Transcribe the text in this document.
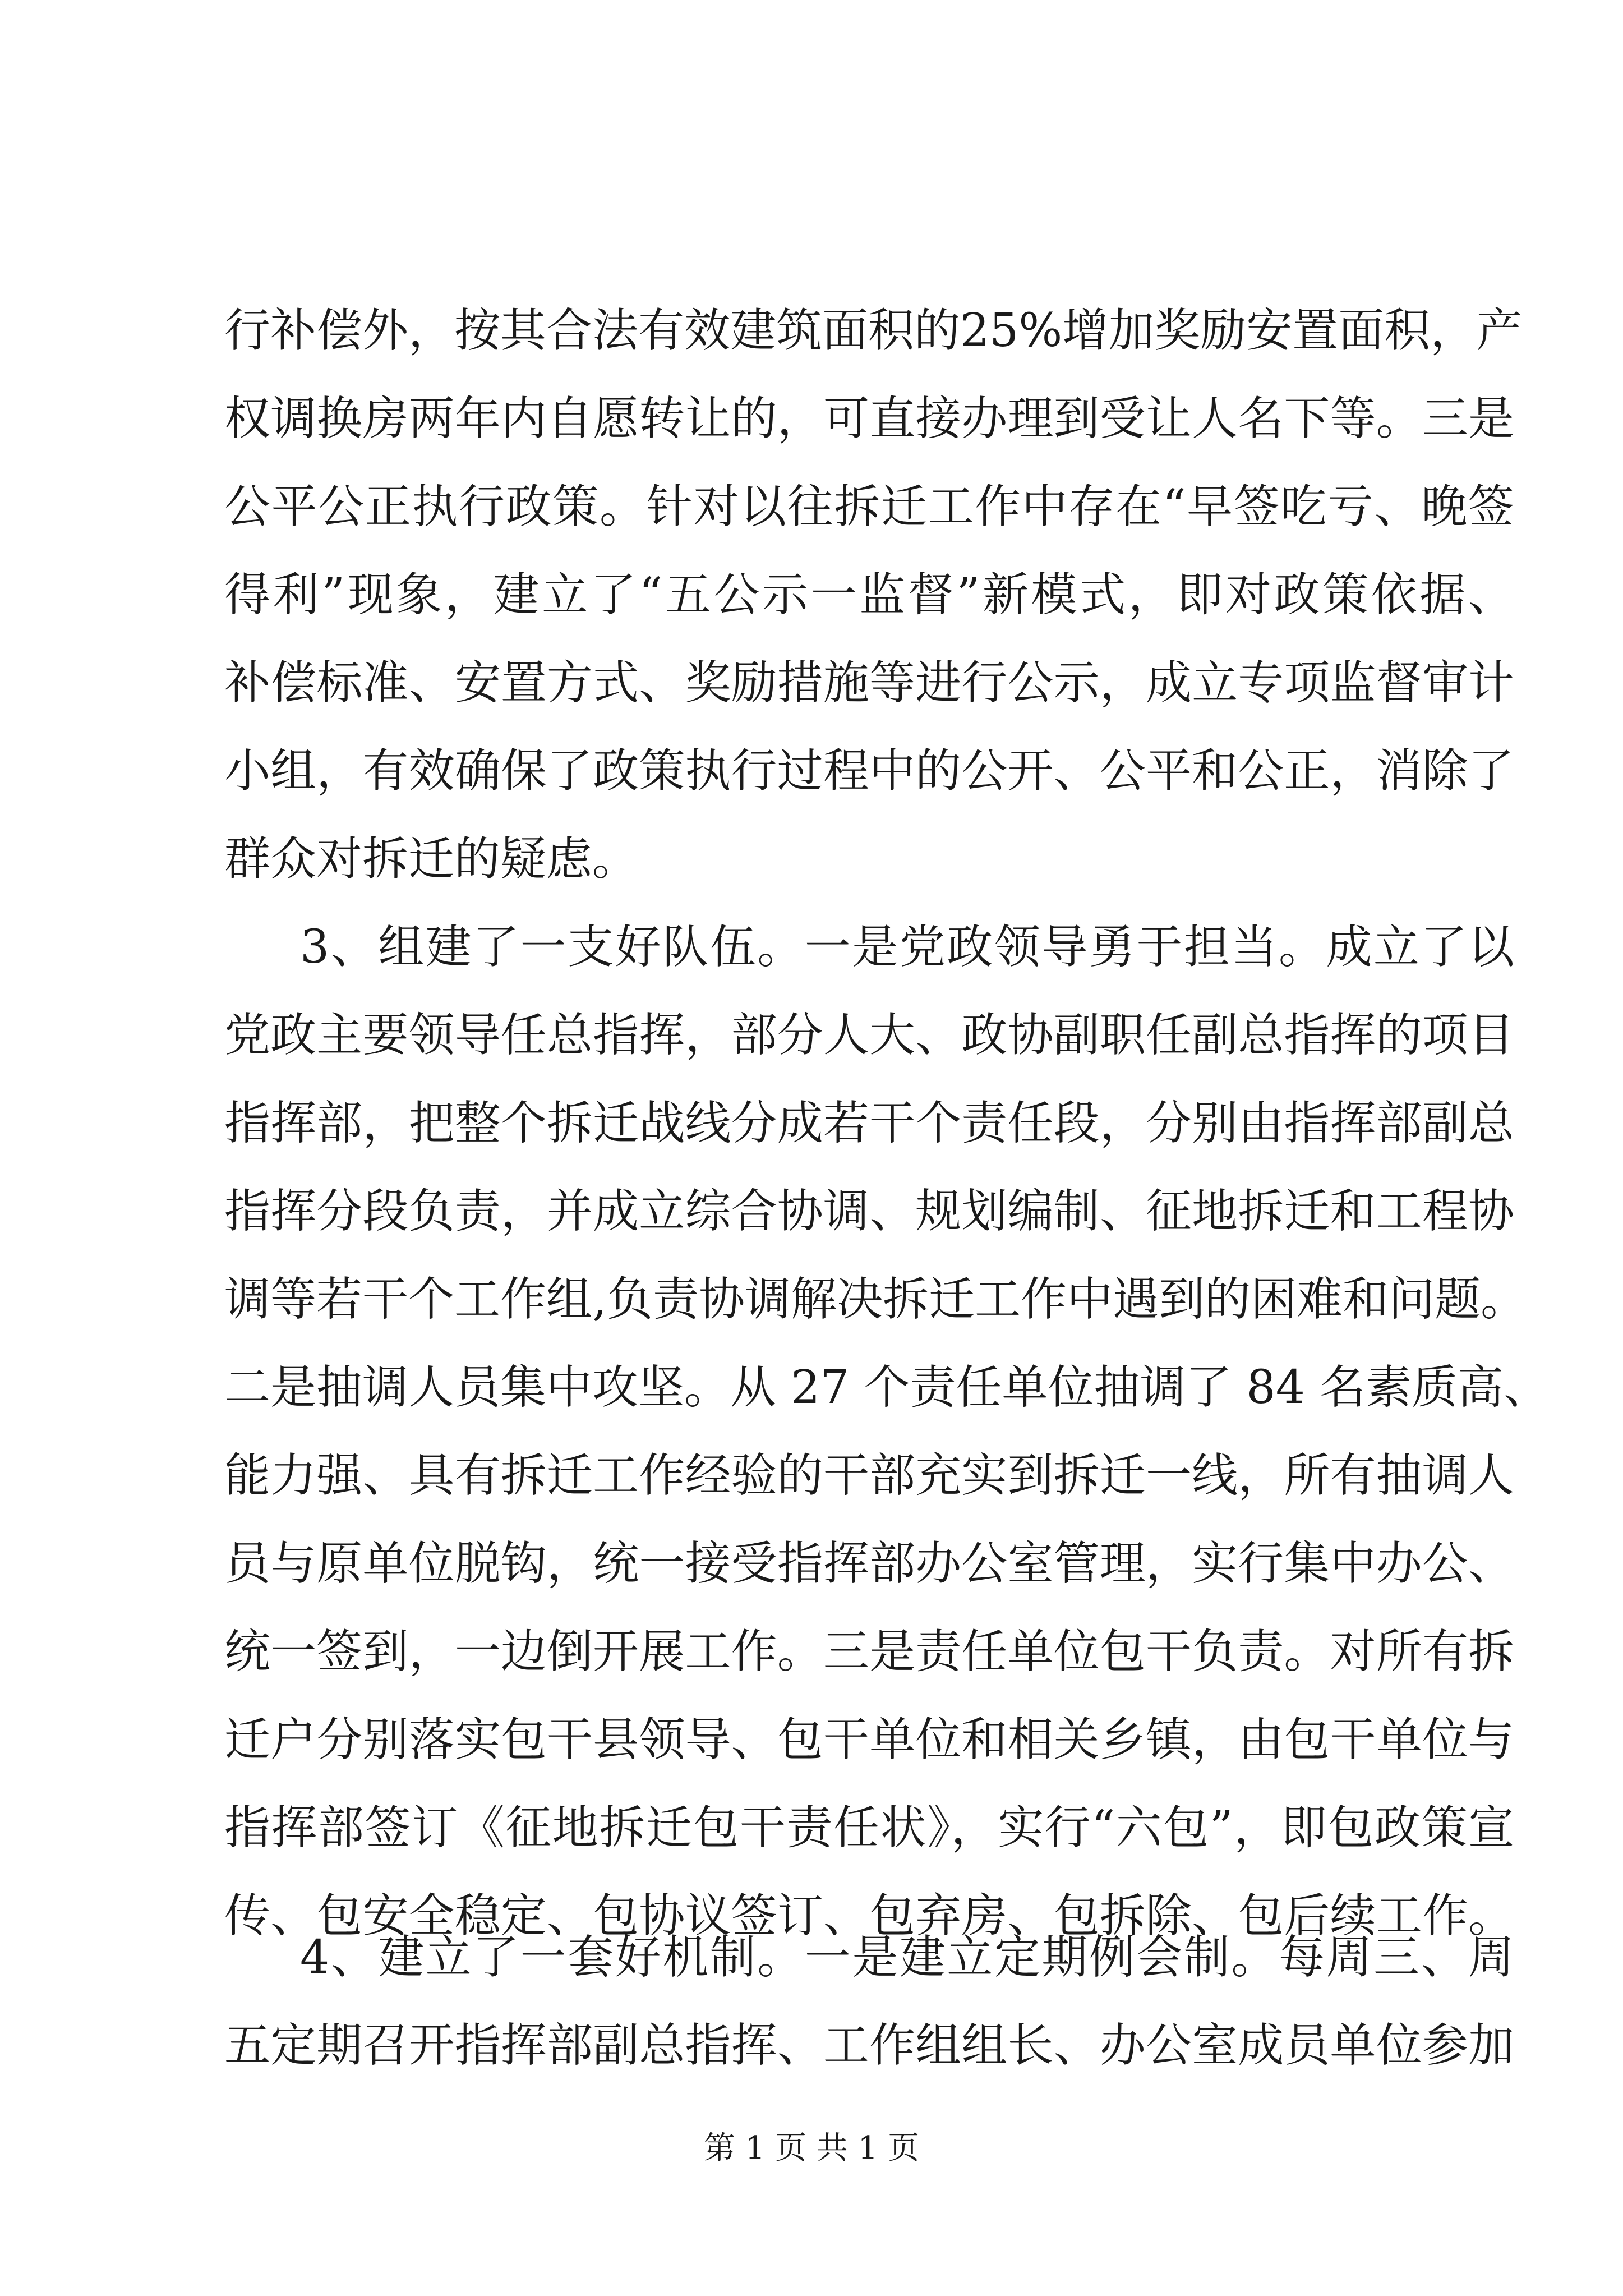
行补偿外，按其合法有效建筑面积的25%增加奖励安置面积，产

权调换房两年内自愿转让的，可直接办理到受让人名下等。三是

公平公正执行政策。针对以往拆迁工作中存在“早签吃亏、晚签

得利”现象，建立了“五公示一监督”新模式，即对政策依据、

补偿标准、安置方式、奖励措施等进行公示，成立专项监督审计

小组，有效确保了政策执行过程中的公开、公平和公正，消除了

群众对拆迁的疑虑。

3、组建了一支好队伍。一是党政领导勇于担当。成立了以

党政主要领导任总指挥，部分人大、政协副职任副总指挥的项目

指挥部，把整个拆迁战线分成若干个责任段，分别由指挥部副总

指挥分段负责，并成立综合协调、规划编制、征地拆迁和工程协

调等若干个工作组,负责协调解决拆迁工作中遇到的困难和问题。

二是抽调人员集中攻坚。从 27 个责任单位抽调了 84 名素质高、

能力强、具有拆迁工作经验的干部充实到拆迁一线，所有抽调人

员与原单位脱钩，统一接受指挥部办公室管理，实行集中办公、

统一签到，一边倒开展工作。三是责任单位包干负责。对所有拆

迁户分别落实包干县领导、包干单位和相关乡镇，由包干单位与

指挥部签订《征地拆迁包干责任状》，实行“六包”，即包政策宣

传、包安全稳定、包协议签订、包弃房、包拆除、包后续工作。

4、建立了一套好机制。一是建立定期例会制。每周三、周

第 1 页 共 1 页

五定期召开指挥部副总指挥、工作组组长、办公室成员单位参加
